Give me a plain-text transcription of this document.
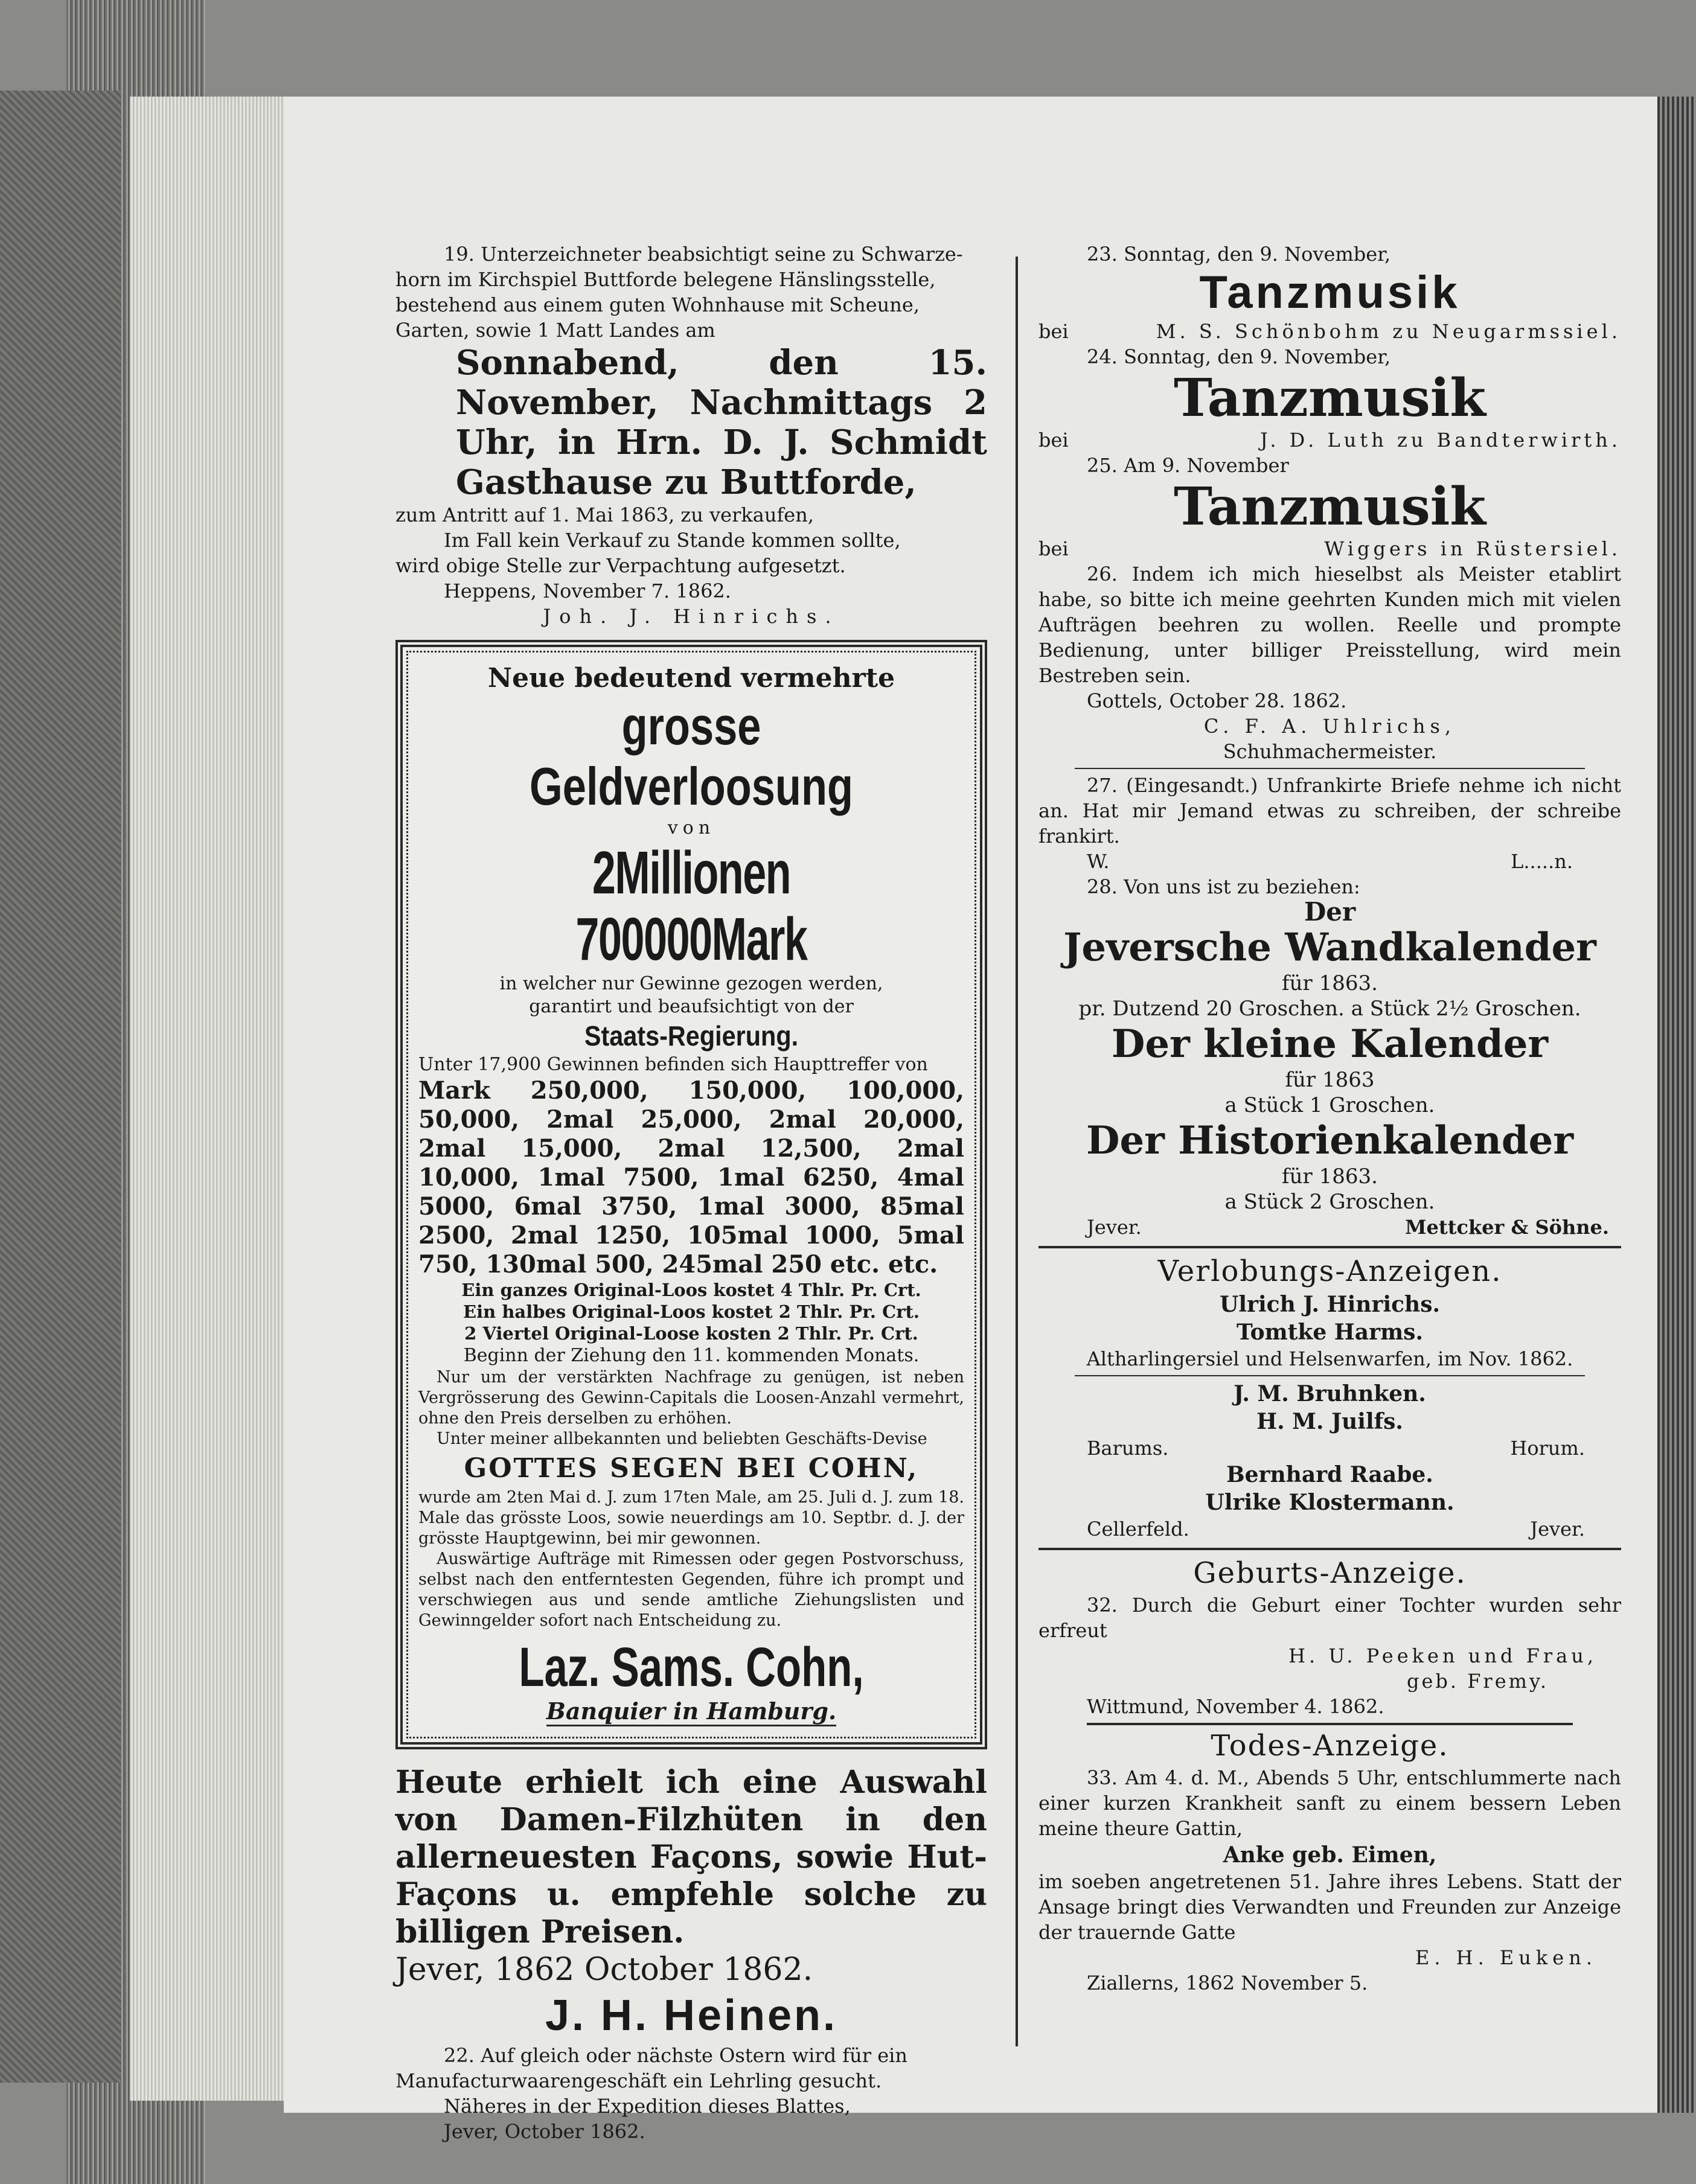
19. Unterzeichneter beabsichtigt seine zu Schwarze-

horn im Kirchspiel Buttforde belegene Hänslingsstelle,

bestehend aus einem guten Wohnhause mit Scheune,

Garten, sowie 1 Matt Landes am

Sonnabend, den 15. November, Nachmittags 2 Uhr, in Hrn. D. J. Schmidt Gasthause zu Buttforde,

zum Antritt auf 1. Mai 1863, zu verkaufen,

Im Fall kein Verkauf zu Stande kommen sollte,

wird obige Stelle zur Verpachtung aufgesetzt.

Heppens, November 7. 1862.

Joh. J. Hinrichs.

Neue bedeutend vermehrte

grosse Geldverloosung

von

2Millionen 700000Mark

in welcher nur Gewinne gezogen werden,

garantirt und beaufsichtigt von der

Staats-Regierung.

Unter 17,900 Gewinnen befinden sich Haupttreffer von

Mark 250,000, 150,000, 100,000, 50,000, 2mal 25,000, 2mal 20,000, 2mal 15,000, 2mal 12,500, 2mal 10,000, 1mal 7500, 1mal 6250, 4mal 5000, 6mal 3750, 1mal 3000, 85mal 2500, 2mal 1250, 105mal 1000, 5mal 750, 130mal 500, 245mal 250 etc. etc.

Ein ganzes Original-Loos kostet 4 Thlr. Pr. Crt.

Ein halbes Original-Loos kostet 2 Thlr. Pr. Crt.

2 Viertel Original-Loose kosten 2 Thlr. Pr. Crt.

Beginn der Ziehung den 11. kommenden Monats.

Nur um der verstärkten Nachfrage zu genügen, ist neben Vergrösserung des Gewinn-Capitals die Loosen-Anzahl vermehrt, ohne den Preis derselben zu erhöhen.

Unter meiner allbekannten und beliebten Geschäfts-Devise

GOTTES SEGEN BEI COHN,

wurde am 2ten Mai d. J. zum 17ten Male, am 25. Juli d. J. zum 18. Male das grösste Loos, sowie neuerdings am 10. Septbr. d. J. der grösste Hauptgewinn, bei mir gewonnen.

Auswärtige Aufträge mit Rimessen oder gegen Postvorschuss, selbst nach den entferntesten Gegenden, führe ich prompt und verschwiegen aus und sende amtliche Ziehungslisten und Gewinngelder sofort nach Entscheidung zu.

Laz. Sams. Cohn,

Banquier in Hamburg.

Heute erhielt ich eine Auswahl von Damen-Filzhüten in den allerneuesten Façons, sowie Hut-Façons u. empfehle solche zu billigen Preisen.

Jever, 1862 October 1862.

J. H. Heinen.

22. Auf gleich oder nächste Ostern wird für ein

Manufacturwaarengeschäft ein Lehrling gesucht.

Näheres in der Expedition dieses Blattes,

Jever, October 1862.

23. Sonntag, den 9. November,

Tanzmusik

bei	M. S. Schönbohm zu Neugarmssiel.

24. Sonntag, den 9. November,

Tanzmusik

bei	J. D. Luth zu Bandterwirth.

25. Am 9. November

Tanzmusik

bei	Wiggers in Rüstersiel.

26. Indem ich mich hieselbst als Meister etablirt habe, so bitte ich meine geehrten Kunden mich mit vielen Aufträgen beehren zu wollen. Reelle und prompte Bedienung, unter billiger Preisstellung, wird mein Bestreben sein.

Gottels, October 28. 1862.

C. F. A. Uhlrichs,

Schuhmachermeister.

27. (Eingesandt.) Unfrankirte Briefe nehme ich nicht an. Hat mir Jemand etwas zu schreiben, der schreibe frankirt.

W.	L.....n.

28. Von uns ist zu beziehen:

Der

Jeversche Wandkalender

für 1863.

pr. Dutzend 20 Groschen. a Stück 2½ Groschen.

Der kleine Kalender

für 1863

a Stück 1 Groschen.

Der Historienkalender

für 1863.

a Stück 2 Groschen.

Jever.	Mettcker & Söhne.

Verlobungs-Anzeigen.

Ulrich J. Hinrichs.

Tomtke Harms.

Altharlingersiel und Helsenwarfen, im Nov. 1862.

J. M. Bruhnken.

H. M. Juilfs.

Barums.	Horum.

Bernhard Raabe.

Ulrike Klostermann.

Cellerfeld.	Jever.

Geburts-Anzeige.

32. Durch die Geburt einer Tochter wurden sehr erfreut

H. U. Peeken und Frau,

geb. Fremy.

Wittmund, November 4. 1862.

Todes-Anzeige.

33. Am 4. d. M., Abends 5 Uhr, entschlummerte nach einer kurzen Krankheit sanft zu einem bessern Leben meine theure Gattin,

Anke geb. Eimen,

im soeben angetretenen 51. Jahre ihres Lebens. Statt der Ansage bringt dies Verwandten und Freunden zur Anzeige der trauernde Gatte

E. H. Euken.

Ziallerns, 1862 November 5.
